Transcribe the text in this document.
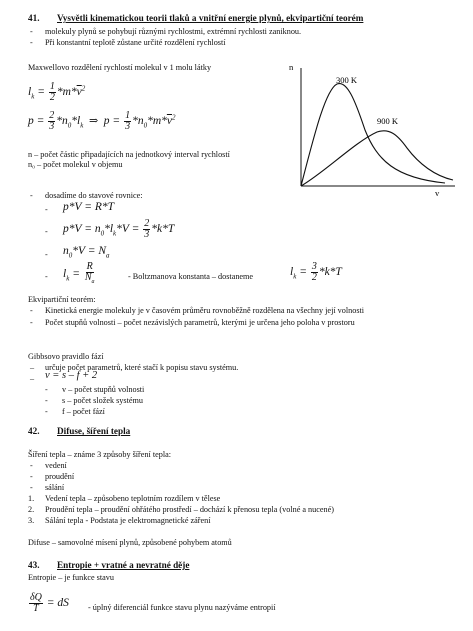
41. Vysvětli kinematickou teorii tlaků a vnitřní energie plynů, ekvipartiční teorém
- molekuly plynů se pohybují různými rychlostmi, extrémní rychlosti zaniknou.
- Při konstantní teplotě zůstane určité rozdělení rychlostí
Maxwellovo rozdělení rychlostí molekul v 1 molu látky
$l_k = \frac{1}{2} *m*\overline{v}^2$
$p = \frac{2}{3} *n_0*l_k$  ⇒  $p = \frac{1}{3} *n_0*m*\overline{v}^2$
n – počet částic připadajících na jednotkový interval rychlostí
n₀ – počet molekul v objemu
n
v
300 K
900 K
- dosadíme do stavové rovnice:
- p*V = R*T
- $p*V = n_0*l_k*V = \frac{2}{3} *k*T$
- $n_0*V = N_a$
- $l_k = \frac{R}{N_a}$	- Boltzmanova konstanta – dostaneme	$l_k = \frac{3}{2} *k*T$
Ekvipartiční teorém:
- Kinetická energie molekuly je v časovém průměru rovnoběžně rozdělena na všechny její volnosti
- Počet stupňů volnosti – počet nezávislých parametrů, kterými je určena jeho poloha v prostoru
Gibbsovo pravidlo fází
– určuje počet parametrů, které stačí k popisu stavu systému.
– v = s – f + 2
- v – počet stupňů volnosti
- s – počet složek systému
- f – počet fází
42. Difuse, šíření tepla
Šíření tepla – známe 3 způsoby šíření tepla:
- vedení
- proudění
- sálání
1. Vedení tepla – způsobeno teplotním rozdílem v tělese
2. Proudění tepla – proudění ohřátého prostředí – dochází k přenosu tepla (volné a nucené)
3. Sálání tepla - Podstata je elektromagnetické záření
Difuse – samovolné mísení plynů, způsobené pohybem atomů
43. Entropie + vratné a nevratné děje
Entropie – je funkce stavu
$\frac{\delta Q}{T}$ = dS - úplný diferenciál funkce stavu plynu nazýváme entropií
